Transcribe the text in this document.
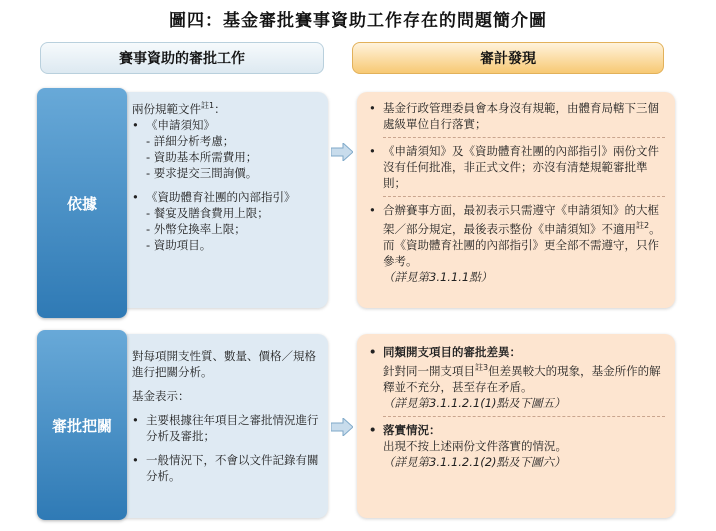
圖四：基金審批賽事資助工作存在的問題簡介圖
賽事資助的審批工作	審計發現
兩份規範文件$^{註1}$：
• 《申請須知》
- 詳細分析考慮；
- 資助基本所需費用；
- 要求提交三間詢價。
• 《資助體育社團的內部指引》
- 餐宴及膳食費用上限；
- 外幣兌換率上限；
- 資助項目。
依據
• 基金行政管理委員會本身沒有規範，由體育局轄下三個處級單位自行落實；
• 《申請須知》及《資助體育社團的內部指引》兩份文件沒有任何批准，非正式文件；亦沒有清楚規範審批準則；
• 合辦賽事方面，最初表示只需遵守《申請須知》的大框架／部分規定，最後表示整份《申請須知》不適用$^{註2}$。而《資助體育社團的內部指引》更全部不需遵守，只作參考。
（詳見第3.1.1.1點）
對每項開支性質、數量、價格／規格進行把關分析。
基金表示：
• 主要根據往年項目之審批情況進行分析及審批；
• 一般情況下，不會以文件記錄有關分析。
審批把關
• 同類開支項目的審批差異：
針對同一開支項目$^{註3}$但差異較大的現象，基金所作的解釋並不充分，甚至存在矛盾。
（詳見第3.1.1.2.1(1)點及下圖五）
• 落實情況：
出現不按上述兩份文件落實的情況。
（詳見第3.1.1.2.1(2)點及下圖六）
